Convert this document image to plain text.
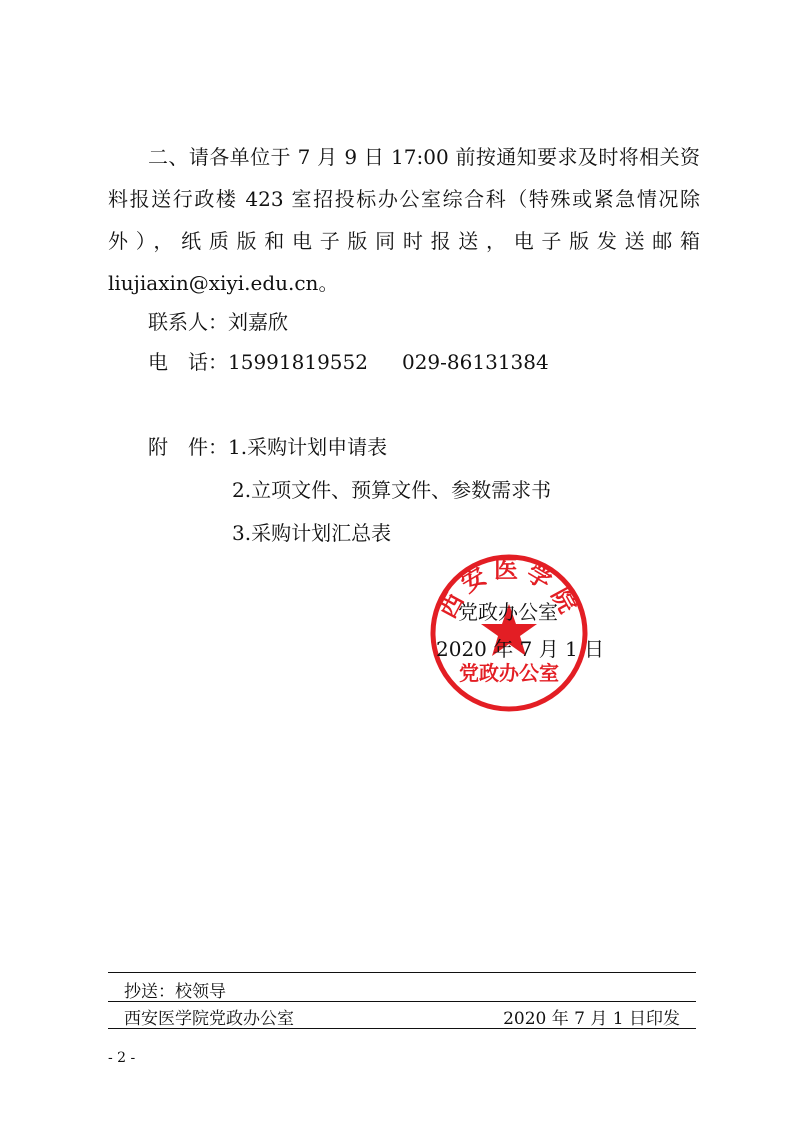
二、请各单位于 7 月 9 日 17:00 前按通知要求及时将相关资
料报送行政楼 423 室招投标办公室综合科（特殊或紧急情况除
外），纸质版和电子版同时报送，电子版发送邮箱
liujiaxin@xiyi.edu.cn。
联系人：刘嘉欣
电　话：15991819552 029-86131384
附　件：1.采购计划申请表
2.立项文件、预算文件、参数需求书
3.采购计划汇总表
西安医学院
党政办公室
党政办公室
2020 年 7 月 1 日
抄送：校领导
西安医学院党政办公室	2020 年 7 月 1 日印发
- 2 -
